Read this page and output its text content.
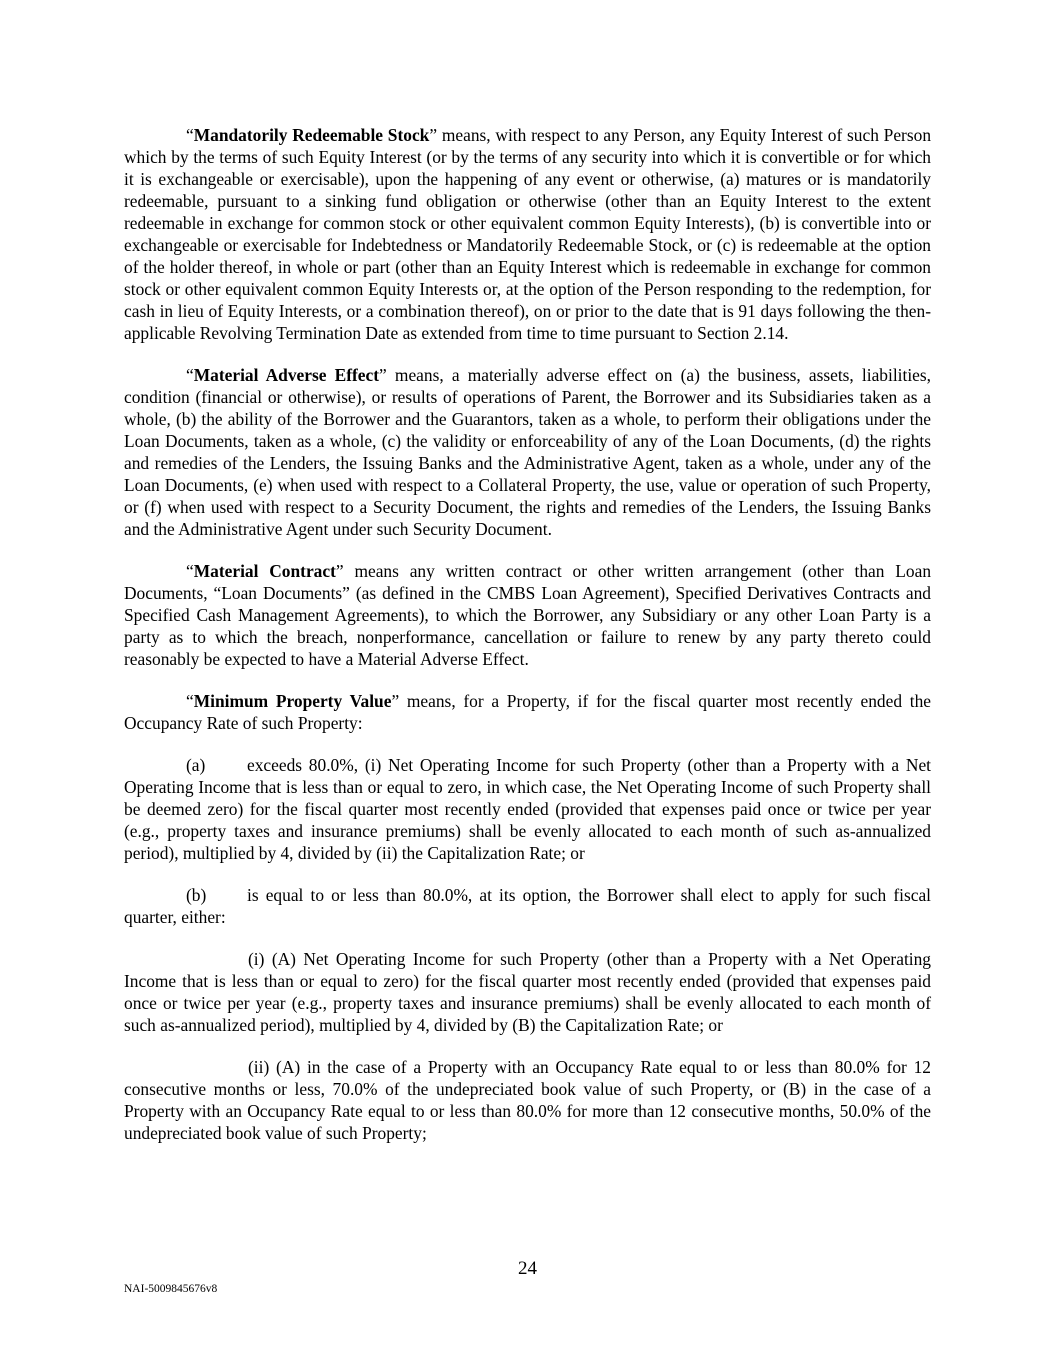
“Mandatorily Redeemable Stock” means, with respect to any Person, any Equity Interest of such Person which by the terms of such Equity Interest (or by the terms of any security into which it is convertible or for which it is exchangeable or exercisable), upon the happening of any event or otherwise, (a) matures or is mandatorily redeemable, pursuant to a sinking fund obligation or otherwise (other than an Equity Interest to the extent redeemable in exchange for common stock or other equivalent common Equity Interests), (b) is convertible into or exchangeable or exercisable for Indebtedness or Mandatorily Redeemable Stock, or (c) is redeemable at the option of the holder thereof, in whole or part (other than an Equity Interest which is redeemable in exchange for common stock or other equivalent common Equity Interests or, at the option of the Person responding to the redemption, for cash in lieu of Equity Interests, or a combination thereof), on or prior to the date that is 91 days following the then-applicable Revolving Termination Date as extended from time to time pursuant to Section 2.14.

“Material Adverse Effect” means, a materially adverse effect on (a) the business, assets, liabilities, condition (financial or otherwise), or results of operations of Parent, the Borrower and its Subsidiaries taken as a whole, (b) the ability of the Borrower and the Guarantors, taken as a whole, to perform their obligations under the Loan Documents, taken as a whole, (c) the validity or enforceability of any of the Loan Documents, (d) the rights and remedies of the Lenders, the Issuing Banks and the Administrative Agent, taken as a whole, under any of the Loan Documents, (e) when used with respect to a Collateral Property, the use, value or operation of such Property, or (f) when used with respect to a Security Document, the rights and remedies of the Lenders, the Issuing Banks and the Administrative Agent under such Security Document.

“Material Contract” means any written contract or other written arrangement (other than Loan Documents, “Loan Documents” (as defined in the CMBS Loan Agreement), Specified Derivatives Contracts and Specified Cash Management Agreements), to which the Borrower, any Subsidiary or any other Loan Party is a party as to which the breach, nonperformance, cancellation or failure to renew by any party thereto could reasonably be expected to have a Material Adverse Effect.

“Minimum Property Value” means, for a Property, if for the fiscal quarter most recently ended the Occupancy Rate of such Property:

(a) exceeds 80.0%, (i) Net Operating Income for such Property (other than a Property with a Net Operating Income that is less than or equal to zero, in which case, the Net Operating Income of such Property shall be deemed zero) for the fiscal quarter most recently ended (provided that expenses paid once or twice per year (e.g., property taxes and insurance premiums) shall be evenly allocated to each month of such as-annualized period), multiplied by 4, divided by (ii) the Capitalization Rate; or

(b) is equal to or less than 80.0%, at its option, the Borrower shall elect to apply for such fiscal quarter, either:

(i) (A) Net Operating Income for such Property (other than a Property with a Net Operating Income that is less than or equal to zero) for the fiscal quarter most recently ended (provided that expenses paid once or twice per year (e.g., property taxes and insurance premiums) shall be evenly allocated to each month of such as-annualized period), multiplied by 4, divided by (B) the Capitalization Rate; or

(ii) (A) in the case of a Property with an Occupancy Rate equal to or less than 80.0% for 12 consecutive months or less, 70.0% of the undepreciated book value of such Property, or (B) in the case of a Property with an Occupancy Rate equal to or less than 80.0% for more than 12 consecutive months, 50.0% of the undepreciated book value of such Property;

24
NAI-5009845676v8
